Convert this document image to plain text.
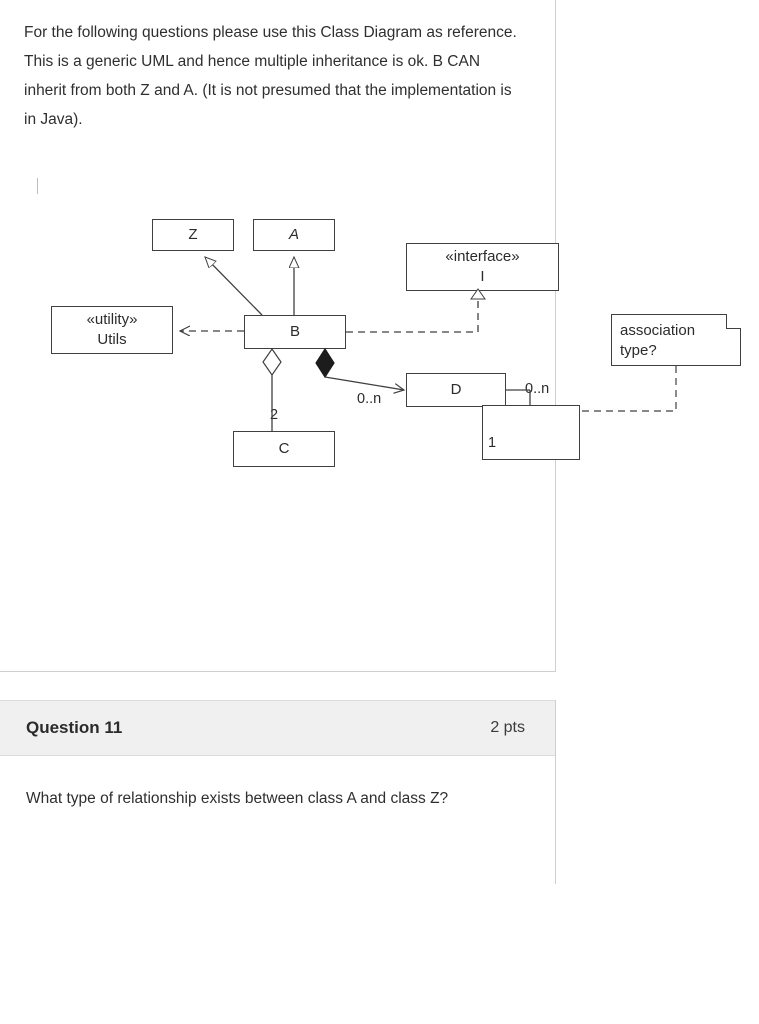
For the following questions please use this Class Diagram as reference. This is a generic UML and hence multiple inheritance is ok. B CAN inherit from both Z and A. (It is not presumed that the implementation is in Java).
Z	A
B
C
D
«utility»
Utils
«interface»
I
association type?
2
0..n
0..n
1
Question 11	2 pts
What type of relationship exists between class A and class Z?
